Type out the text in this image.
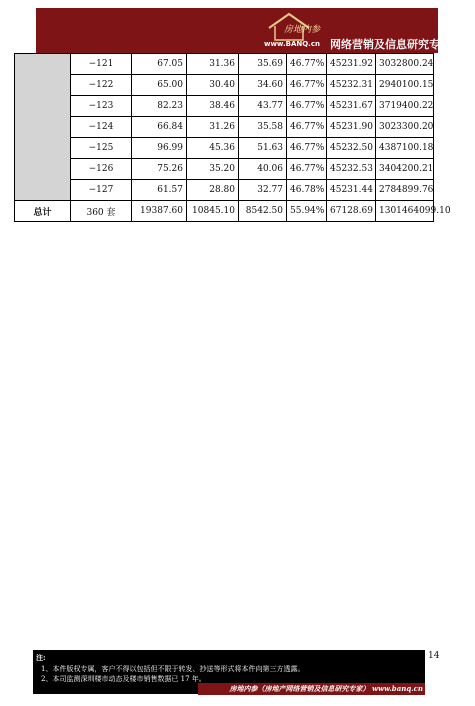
房地内参
www.BANQ.cn 网络营销及信息研究专家
	−121	67.05	31.36	35.69	46.77%	45231.92	3032800.24
	−122	65.00	30.40	34.60	46.77%	45232.31	2940100.15
	−123	82.23	38.46	43.77	46.77%	45231.67	3719400.22
	−124	66.84	31.26	35.58	46.77%	45231.90	3023300.20
	−125	96.99	45.36	51.63	46.77%	45232.50	4387100.18
	−126	75.26	35.20	40.06	46.77%	45232.53	3404200.21
	−127	61.57	28.80	32.77	46.78%	45231.44	2784899.76
总计	360 套	19387.60	10845.10	8542.50	55.94%	67128.69	1301464099.10
14
注:
1、本件版权专属，客户不得以包括但不限于转发、抄送等形式将本件向第三方透露。
2、本司监测深圳楼市动态及楼市销售数据已 17 年。
房地内参（房地产网络营销及信息研究专家） www.banq.cn
